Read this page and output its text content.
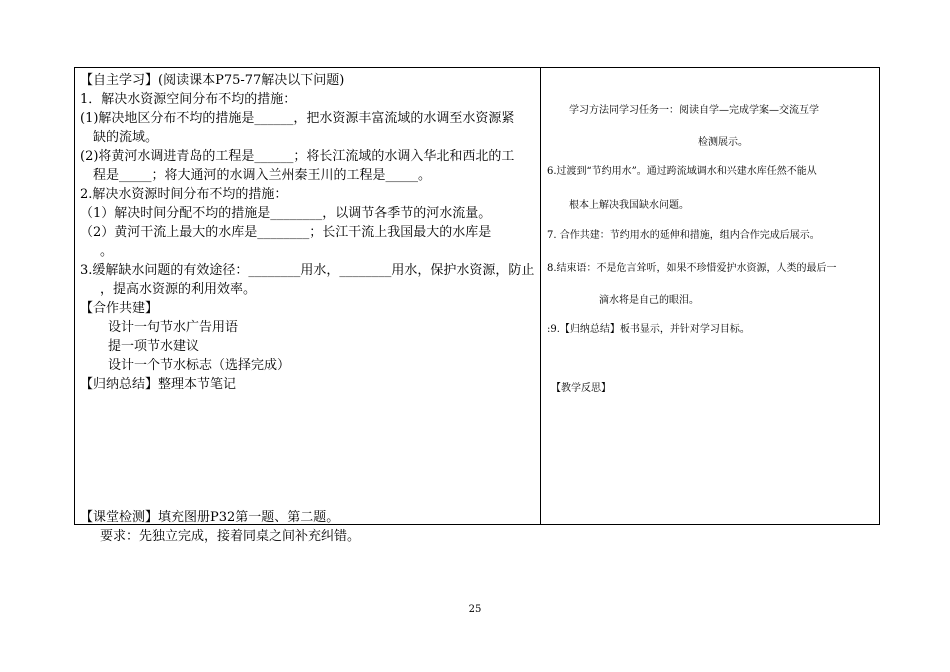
【自主学习】(阅读课本P75-77解决以下问题)
1．解决水资源空间分布不均的措施：
(1)解决地区分布不均的措施是______，把水资源丰富流域的水调至水资源紧
缺的流域。
(2)将黄河水调进青岛的工程是______；将长江流域的水调入华北和西北的工
程是_____；将大通河的水调入兰州秦王川的工程是_____。
2.解决水资源时间分布不均的措施：
（1）解决时间分配不均的措施是________，以调节各季节的河水流量。
（2）黄河干流上最大的水库是________；长江干流上我国最大的水库是
。
3.缓解缺水问题的有效途径：________用水，________用水，保护水资源，防止
，提高水资源的利用效率。
【合作共建】
设计一句节水广告用语
提一项节水建议
设计一个节水标志（选择完成）
【归纳总结】整理本节笔记
【课堂检测】填充图册P32第一题、第二题。
要求：先独立完成，接着同桌之间补充纠错。
学习方法同学习任务一：阅读自学—完成学案—交流互学
检测展示。
6.过渡到“节约用水”。通过跨流域调水和兴建水库任然不能从
根本上解决我国缺水问题。
7. 合作共建：节约用水的延伸和措施，组内合作完成后展示。
8.结束语：不是危言耸听，如果不珍惜爱护水资源，人类的最后一
滴水将是自己的眼泪。
:9.【归纳总结】板书显示，并针对学习目标。
【教学反思】
25
